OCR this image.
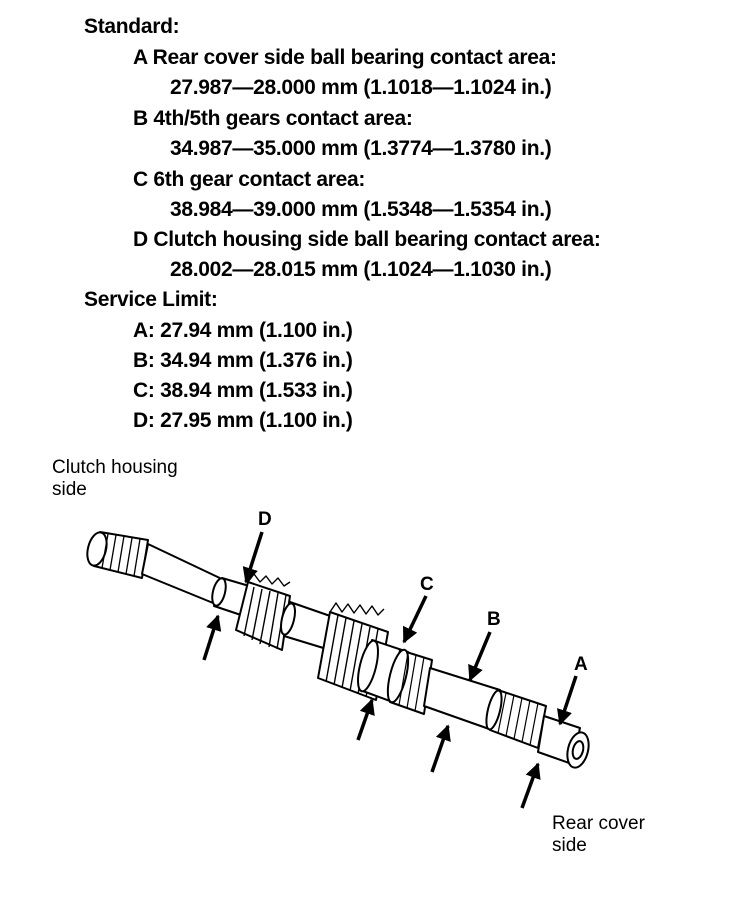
Standard:
A Rear cover side ball bearing contact area:
27.987—28.000 mm (1.1018—1.1024 in.)
B 4th/5th gears contact area:
34.987—35.000 mm (1.3774—1.3780 in.)
C 6th gear contact area:
38.984—39.000 mm (1.5348—1.5354 in.)
D Clutch housing side ball bearing contact area:
28.002—28.015 mm (1.1024—1.1030 in.)
Service Limit:
A: 27.94 mm (1.100 in.)
B: 34.94 mm (1.376 in.)
C: 38.94 mm (1.533 in.)
D: 27.95 mm (1.100 in.)
Clutch housing
side
Rear cover
side
D
C
B
A
